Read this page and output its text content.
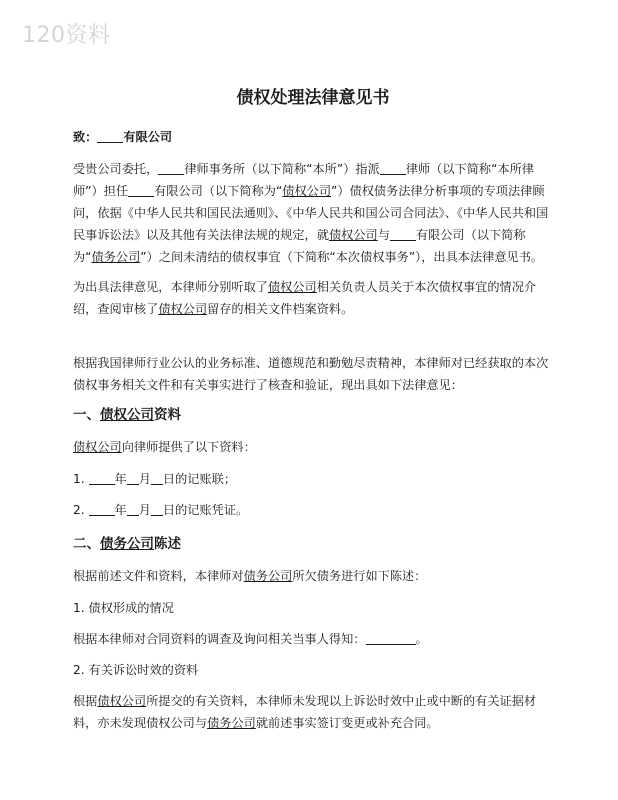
120资料
债权处理法律意见书
致： 有限公司
受贵公司委托， 律师事务所（以下简称“本所”）指派 律师（以下简称“本所律师”）担任 有限公司（以下简称为“债权公司”）债权债务法律分析事项的专项法律顾问，依据《中华人民共和国民法通则》、《中华人民共和国公司合同法》、《中华人民共和国民事诉讼法》以及其他有关法律法规的规定，就债权公司与 有限公司（以下简称为“债务公司”）之间未清结的债权事宜（下简称“本次债权事务”），出具本法律意见书。
为出具法律意见，本律师分别听取了债权公司相关负责人员关于本次债权事宜的情况介绍，查阅审核了债权公司留存的相关文件档案资料。
根据我国律师行业公认的业务标准、道德规范和勤勉尽责精神，本律师对已经获取的本次债权事务相关文件和有关事实进行了核查和验证，现出具如下法律意见：
一、债权公司资料
债权公司向律师提供了以下资料：
1. 年 月 日的记账联；
2. 年 月 日的记账凭证。
二、债务公司陈述
根据前述文件和资料，本律师对债务公司所欠债务进行如下陈述：
1. 债权形成的情况
根据本律师对合同资料的调查及询问相关当事人得知：	。
2. 有关诉讼时效的资料
根据债权公司所提交的有关资料，本律师未发现以上诉讼时效中止或中断的有关证据材料，亦未发现债权公司与债务公司就前述事实签订变更或补充合同。
